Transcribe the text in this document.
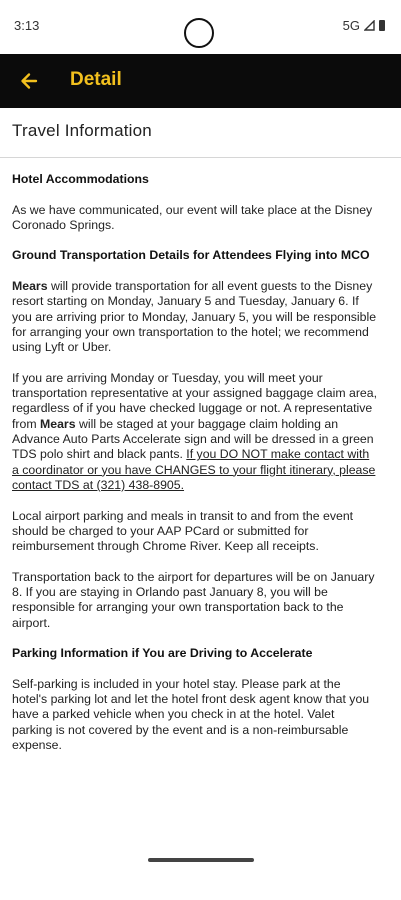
3:13	5G
Detail
Travel Information
Hotel Accommodations

As we have communicated, our event will take place at the Disney Coronado Springs.

Ground Transportation Details for Attendees Flying into MCO

Mears will provide transportation for all event guests to the Disney resort starting on Monday, January 5 and Tuesday, January 6. If you are arriving prior to Monday, January 5, you will be responsible for arranging your own transportation to the hotel; we recommend using Lyft or Uber.

If you are arriving Monday or Tuesday, you will meet your transportation representative at your assigned baggage claim area, regardless of if you have checked luggage or not. A representative from Mears will be staged at your baggage claim holding an Advance Auto Parts Accelerate sign and will be dressed in a green TDS polo shirt and black pants. If you DO NOT make contact with a coordinator or you have CHANGES to your flight itinerary, please contact TDS at (321) 438-8905.

Local airport parking and meals in transit to and from the event should be charged to your AAP PCard or submitted for reimbursement through Chrome River. Keep all receipts.

Transportation back to the airport for departures will be on January 8. If you are staying in Orlando past January 8, you will be responsible for arranging your own transportation back to the airport.

Parking Information if You are Driving to Accelerate

Self-parking is included in your hotel stay. Please park at the hotel's parking lot and let the hotel front desk agent know that you have a parked vehicle when you check in at the hotel. Valet parking is not covered by the event and is a non-reimbursable expense.
